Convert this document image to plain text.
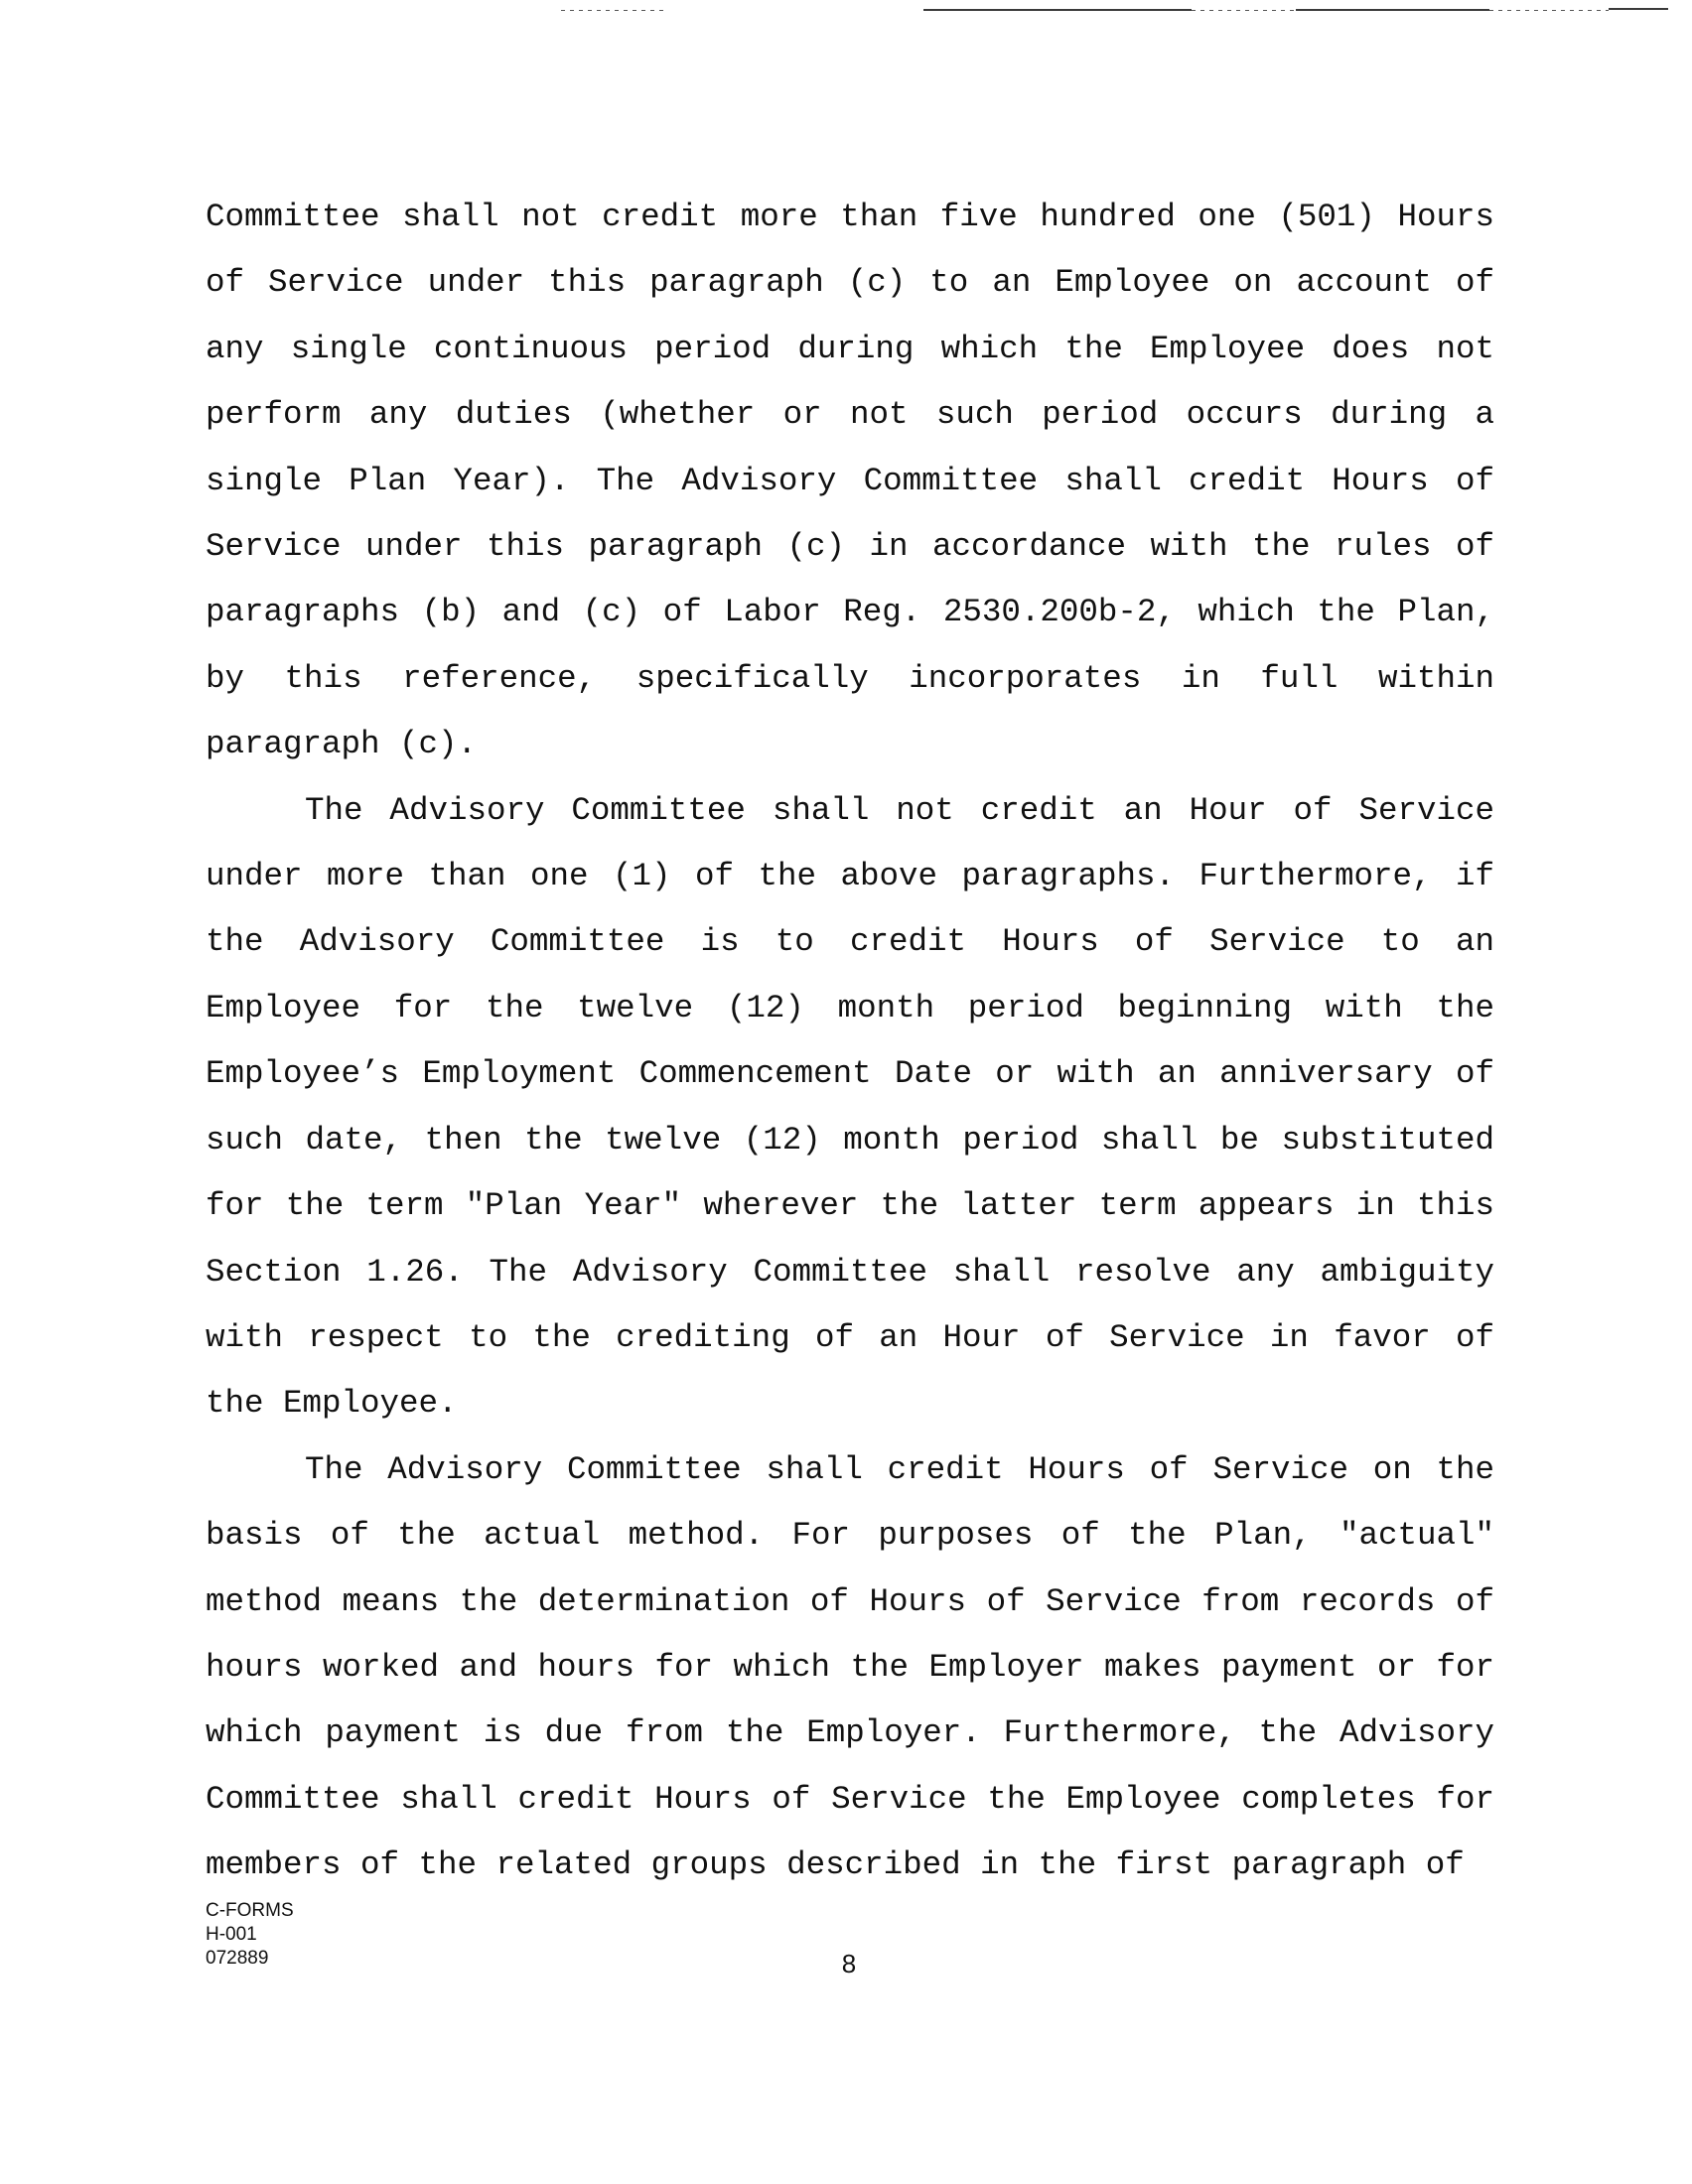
Committee shall not credit more than five hundred one (501) Hours of Service under this paragraph (c) to an Employee on account of any single continuous period during which the Employee does not perform any duties (whether or not such period occurs during a single Plan Year). The Advisory Committee shall credit Hours of Service under this paragraph (c) in accordance with the rules of paragraphs (b) and (c) of Labor Reg. 2530.200b-2, which the Plan, by this reference, specifically incorporates in full within paragraph (c).

The Advisory Committee shall not credit an Hour of Service under more than one (1) of the above paragraphs. Furthermore, if the Advisory Committee is to credit Hours of Service to an Employee for the twelve (12) month period beginning with the Employee’s Employment Commencement Date or with an anniversary of such date, then the twelve (12) month period shall be substituted for the term "Plan Year" wherever the latter term appears in this Section 1.26. The Advisory Committee shall resolve any ambiguity with respect to the crediting of an Hour of Service in favor of the Employee.

The Advisory Committee shall credit Hours of Service on the basis of the actual method. For purposes of the Plan, "actual" method means the determination of Hours of Service from records of hours worked and hours for which the Employer makes payment or for which payment is due from the Employer. Furthermore, the Advisory Committee shall credit Hours of Service the Employee completes for members of the related groups described in the first paragraph of

C-FORMS
H-001
072889	8
